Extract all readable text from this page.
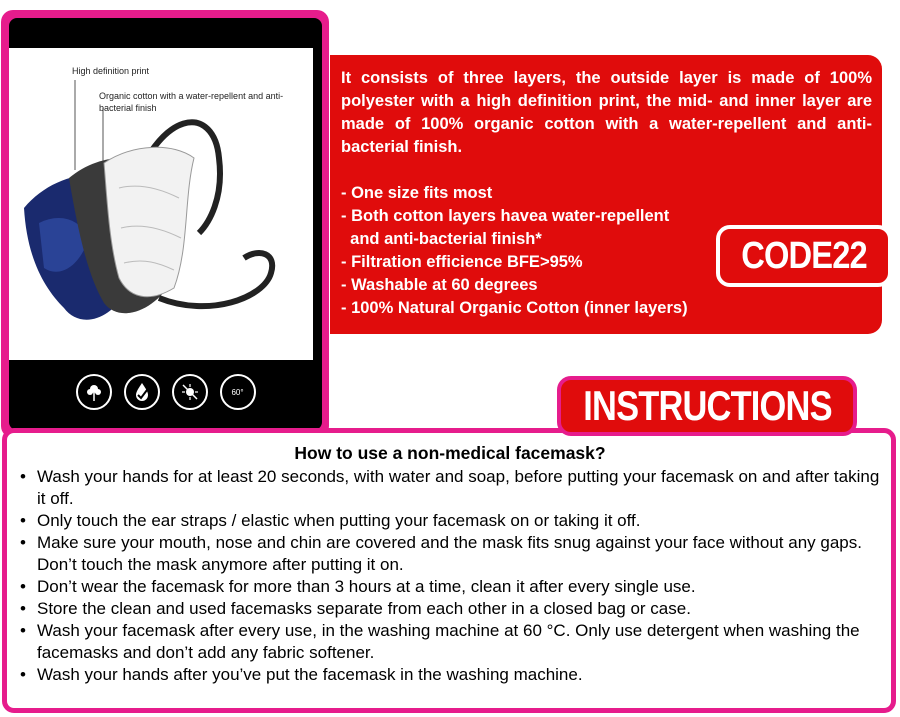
High definition print
Organic cotton with a water-repellent and anti-bacterial finish
60°

It consists of three layers, the outside layer is made of 100% polyester with a high definition print, the mid- and inner layer are made of 100% organic cotton with a water-repellent and anti-bacterial finish.

- One size fits most
- Both cotton layers havea water-repellent
and anti-bacterial finish*
- Filtration efficience BFE>95%
- Washable at 60 degrees
- 100% Natural Organic Cotton (inner layers)
CODE22
How to use a non-medical facemask?
• Wash your hands for at least 20 seconds, with water and soap, before putting your facemask on and after taking it off.
• Only touch the ear straps / elastic when putting your facemask on or taking it off.
• Make sure your mouth, nose and chin are covered and the mask fits snug against your face without any gaps. Don’t touch the mask anymore after putting it on.
• Don’t wear the facemask for more than 3 hours at a time, clean it after every single use.
• Store the clean and used facemasks separate from each other in a closed bag or case.
• Wash your facemask after every use, in the washing machine at 60 °C. Only use detergent when washing the facemasks and don’t add any fabric softener.
• Wash your hands after you’ve put the facemask in the washing machine.
INSTRUCTIONS
